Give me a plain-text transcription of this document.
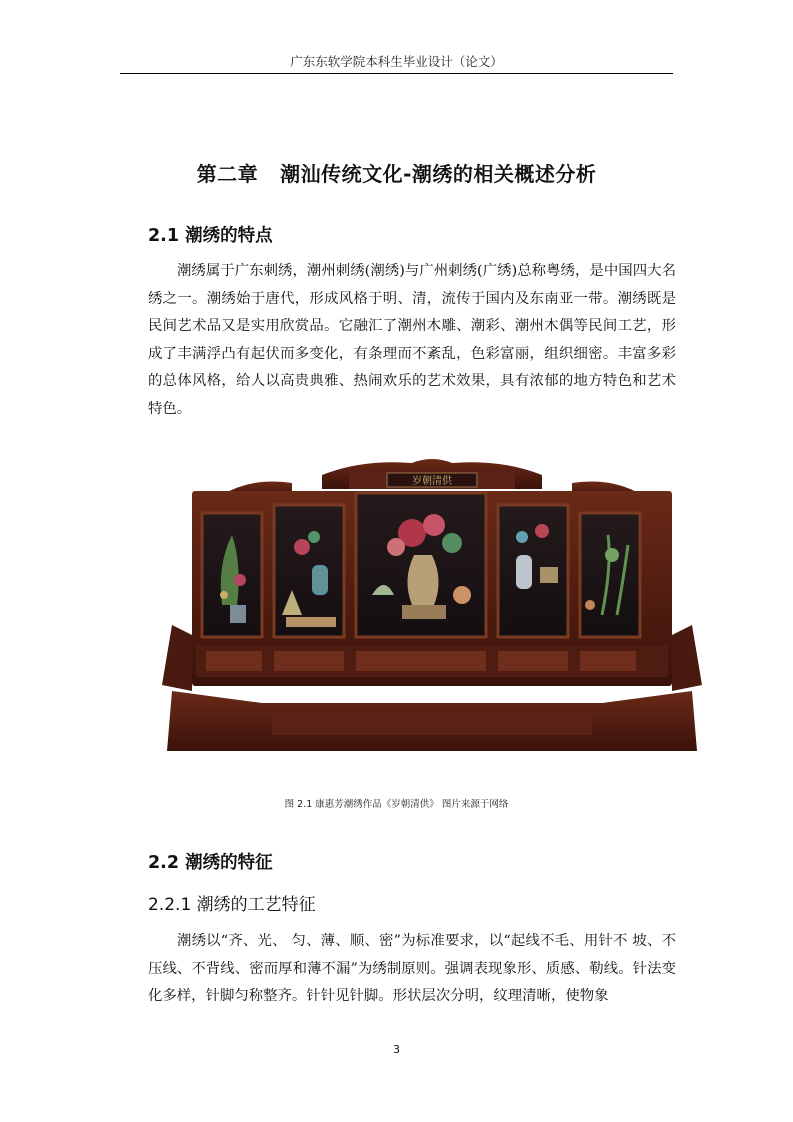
广东东软学院本科生毕业设计（论文）
第二章 潮汕传统文化-潮绣的相关概述分析
2.1 潮绣的特点

潮绣属于广东刺绣，潮州刺绣(潮绣)与广州刺绣(广绣)总称粤绣，是中国四大名绣之一。潮绣始于唐代，形成风格于明、清，流传于国内及东南亚一带。潮绣既是民间艺术品又是实用欣赏品。它融汇了潮州木雕、潮彩、潮州木偶等民间工艺，形成了丰满浮凸有起伏而多变化，有条理而不紊乱，色彩富丽，组织细密。丰富多彩的总体风格，给人以高贵典雅、热闹欢乐的艺术效果，具有浓郁的地方特色和艺术特色。

岁朝清供
图 2.1 康惠芳潮绣作品《岁朝清供》 图片来源于网络
2.2 潮绣的特征
2.2.1 潮绣的工艺特征

潮绣以“齐、光、 匀、薄、顺、密”为标准要求，以“起线不毛、用针不 坡、不压线、不背线、密而厚和薄不漏”为绣制原则。强调表现象形、质感、勒线。针法变化多样，针脚匀称整齐。针针见针脚。形状层次分明，纹理清晰，使物象

3
